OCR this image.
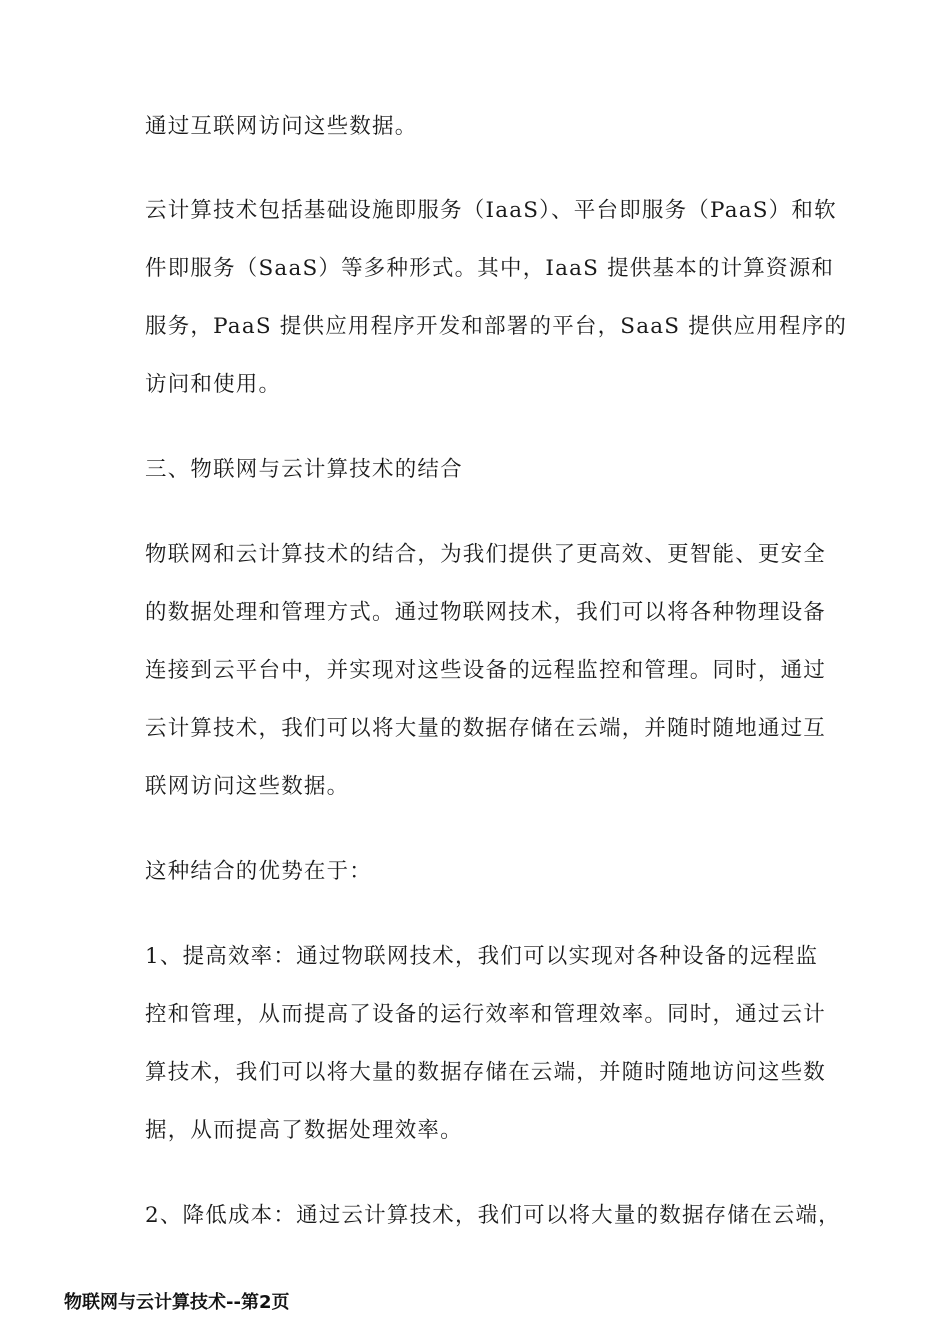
通过互联网访问这些数据。

云计算技术包括基础设施即服务（IaaS）、平台即服务（PaaS）和软
件即服务（SaaS）等多种形式。其中，IaaS 提供基本的计算资源和
服务，PaaS 提供应用程序开发和部署的平台，SaaS 提供应用程序的
访问和使用。

三、物联网与云计算技术的结合

物联网和云计算技术的结合，为我们提供了更高效、更智能、更安全
的数据处理和管理方式。通过物联网技术，我们可以将各种物理设备
连接到云平台中，并实现对这些设备的远程监控和管理。同时，通过
云计算技术，我们可以将大量的数据存储在云端，并随时随地通过互
联网访问这些数据。

这种结合的优势在于：

1、提高效率：通过物联网技术，我们可以实现对各种设备的远程监
控和管理，从而提高了设备的运行效率和管理效率。同时，通过云计
算技术，我们可以将大量的数据存储在云端，并随时随地访问这些数
据，从而提高了数据处理效率。

2、降低成本：通过云计算技术，我们可以将大量的数据存储在云端，

物联网与云计算技术--第2页
